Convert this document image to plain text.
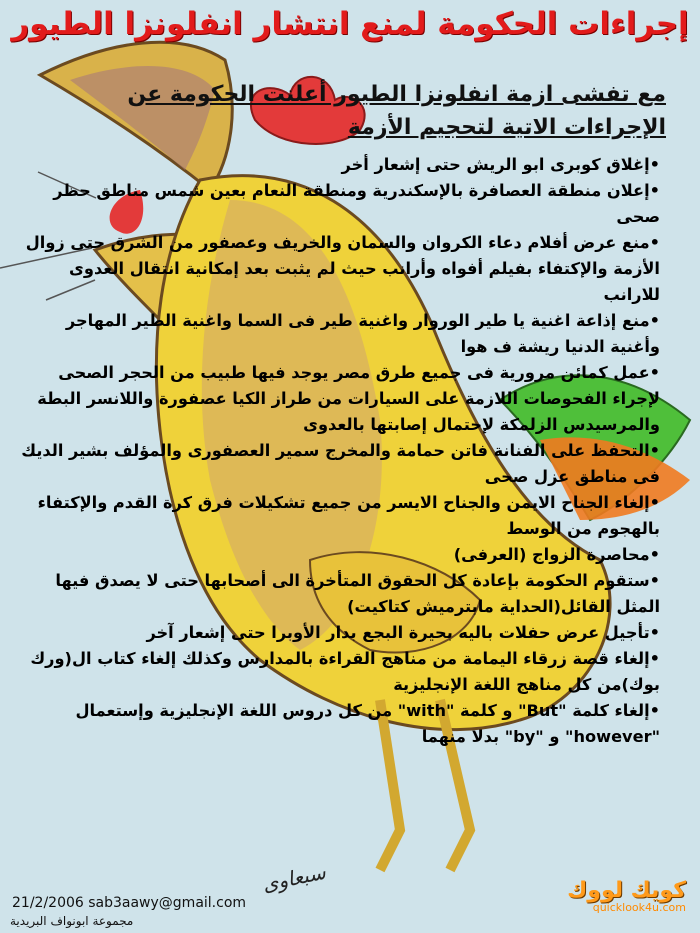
إجراءات الحكومة لمنع انتشار انفلونزا الطيور
مع تفشى ازمة انفلونزا الطيور أعلنت الحكومة عن الإجراءات الاتية لتحجيم الأزمة
•إغلاق كوبرى ابو الريش حتى إشعار أخر
•إعلان منطقة العصافرة بالإسكندرية ومنطقة النعام بعين شمس مناطق حظر صحى
•منع عرض أفلام دعاء الكروان والسمان والخريف وعصفور من الشرق حتى زوال الأزمة والإكتفاء بفيلم أفواه وأرانب حيث لم يثبت بعد إمكانية انتقال العدوى للارانب
•منع إذاعة اغنية يا طير الوروار واغنية طير فى السما واغنية الطير المهاجر وأغنية الدنيا ريشة ف هوا
•عمل كمائن مرورية فى جميع طرق مصر يوجد فيها طبيب من الحجر الصحى لإجراء الفحوصات اللازمة على السيارات من طراز الكيا عصفورة واللانسر البطة والمرسيدس الزلمكة لإحتمال إصابتها بالعدوى
•التحفظ على الفنانة فاتن حمامة والمخرج سمير العصفورى والمؤلف بشير الديك فى مناطق عزل صحى
•إلغاء الجناح الايمن والجناح الايسر من جميع تشكيلات فرق كرة القدم والإكتفاء بالهجوم من الوسط
•محاصرة الزواج (العرفى)
•ستقوم الحكومة بإعادة كل الحقوق المتأخرة الى أصحابها حتى لا يصدق فيها المثل القائل(الحداية مابترميش كتاكيت)
•تأجيل عرض حفلات باليه بحيرة البجع بدار الأوبرا حتى إشعار آخر
•إلغاء قصة زرقاء اليمامة من مناهج القراءة بالمدارس وكذلك إلغاء كتاب ال(ورك بوك)من كل مناهج اللغة الإنجليزية
•إلغاء كلمة "But" و كلمة "with" من كل دروس اللغة الإنجليزية وإستعمال "however" و "by" بدلا منهما
سبعاوى
21/2/2006 sab3aawy@gmail.com
مجموعة ابونواف البريدية
كويك لووك
quicklook4u.com
